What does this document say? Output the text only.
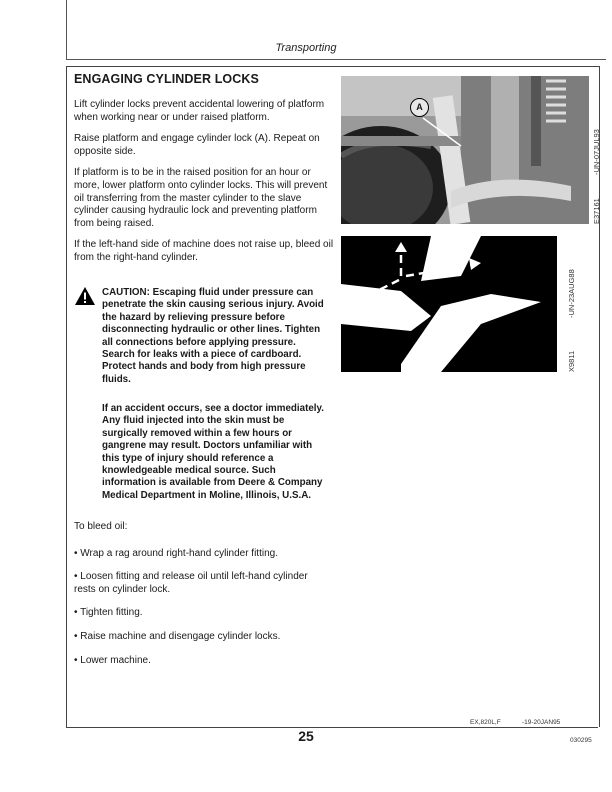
Transporting
ENGAGING CYLINDER LOCKS

Lift cylinder locks prevent accidental lowering of platform when working near or under raised platform.

Raise platform and engage cylinder lock (A). Repeat on opposite side.

If platform is to be in the raised position for an hour or more, lower platform onto cylinder locks. This will prevent oil transferring from the master cylinder to the slave cylinder causing hydraulic lock and preventing platform from being raised.

If the left-hand side of machine does not raise up, bleed oil from the right-hand cylinder.

CAUTION: Escaping fluid under pressure can penetrate the skin causing serious injury. Avoid the hazard by relieving pressure before disconnecting hydraulic or other lines. Tighten all connections before applying pressure. Search for leaks with a piece of cardboard. Protect hands and body from high pressure fluids.

If an accident occurs, see a doctor immediately. Any fluid injected into the skin must be surgically removed within a few hours or gangrene may result. Doctors unfamiliar with this type of injury should reference a knowledgeable medical source. Such information is available from Deere & Company Medical Department in Moline, Illinois, U.S.A.

To bleed oil:

• Wrap a rag around right-hand cylinder fitting.

• Loosen fitting and release oil until left-hand cylinder rests on cylinder lock.

• Tighten fitting.

• Raise machine and disengage cylinder locks.

• Lower machine.

A
E37161
-UN-07JUL93
X9811
-UN-23AUG88
EX,820L,F	-19-20JAN95
25	030295
